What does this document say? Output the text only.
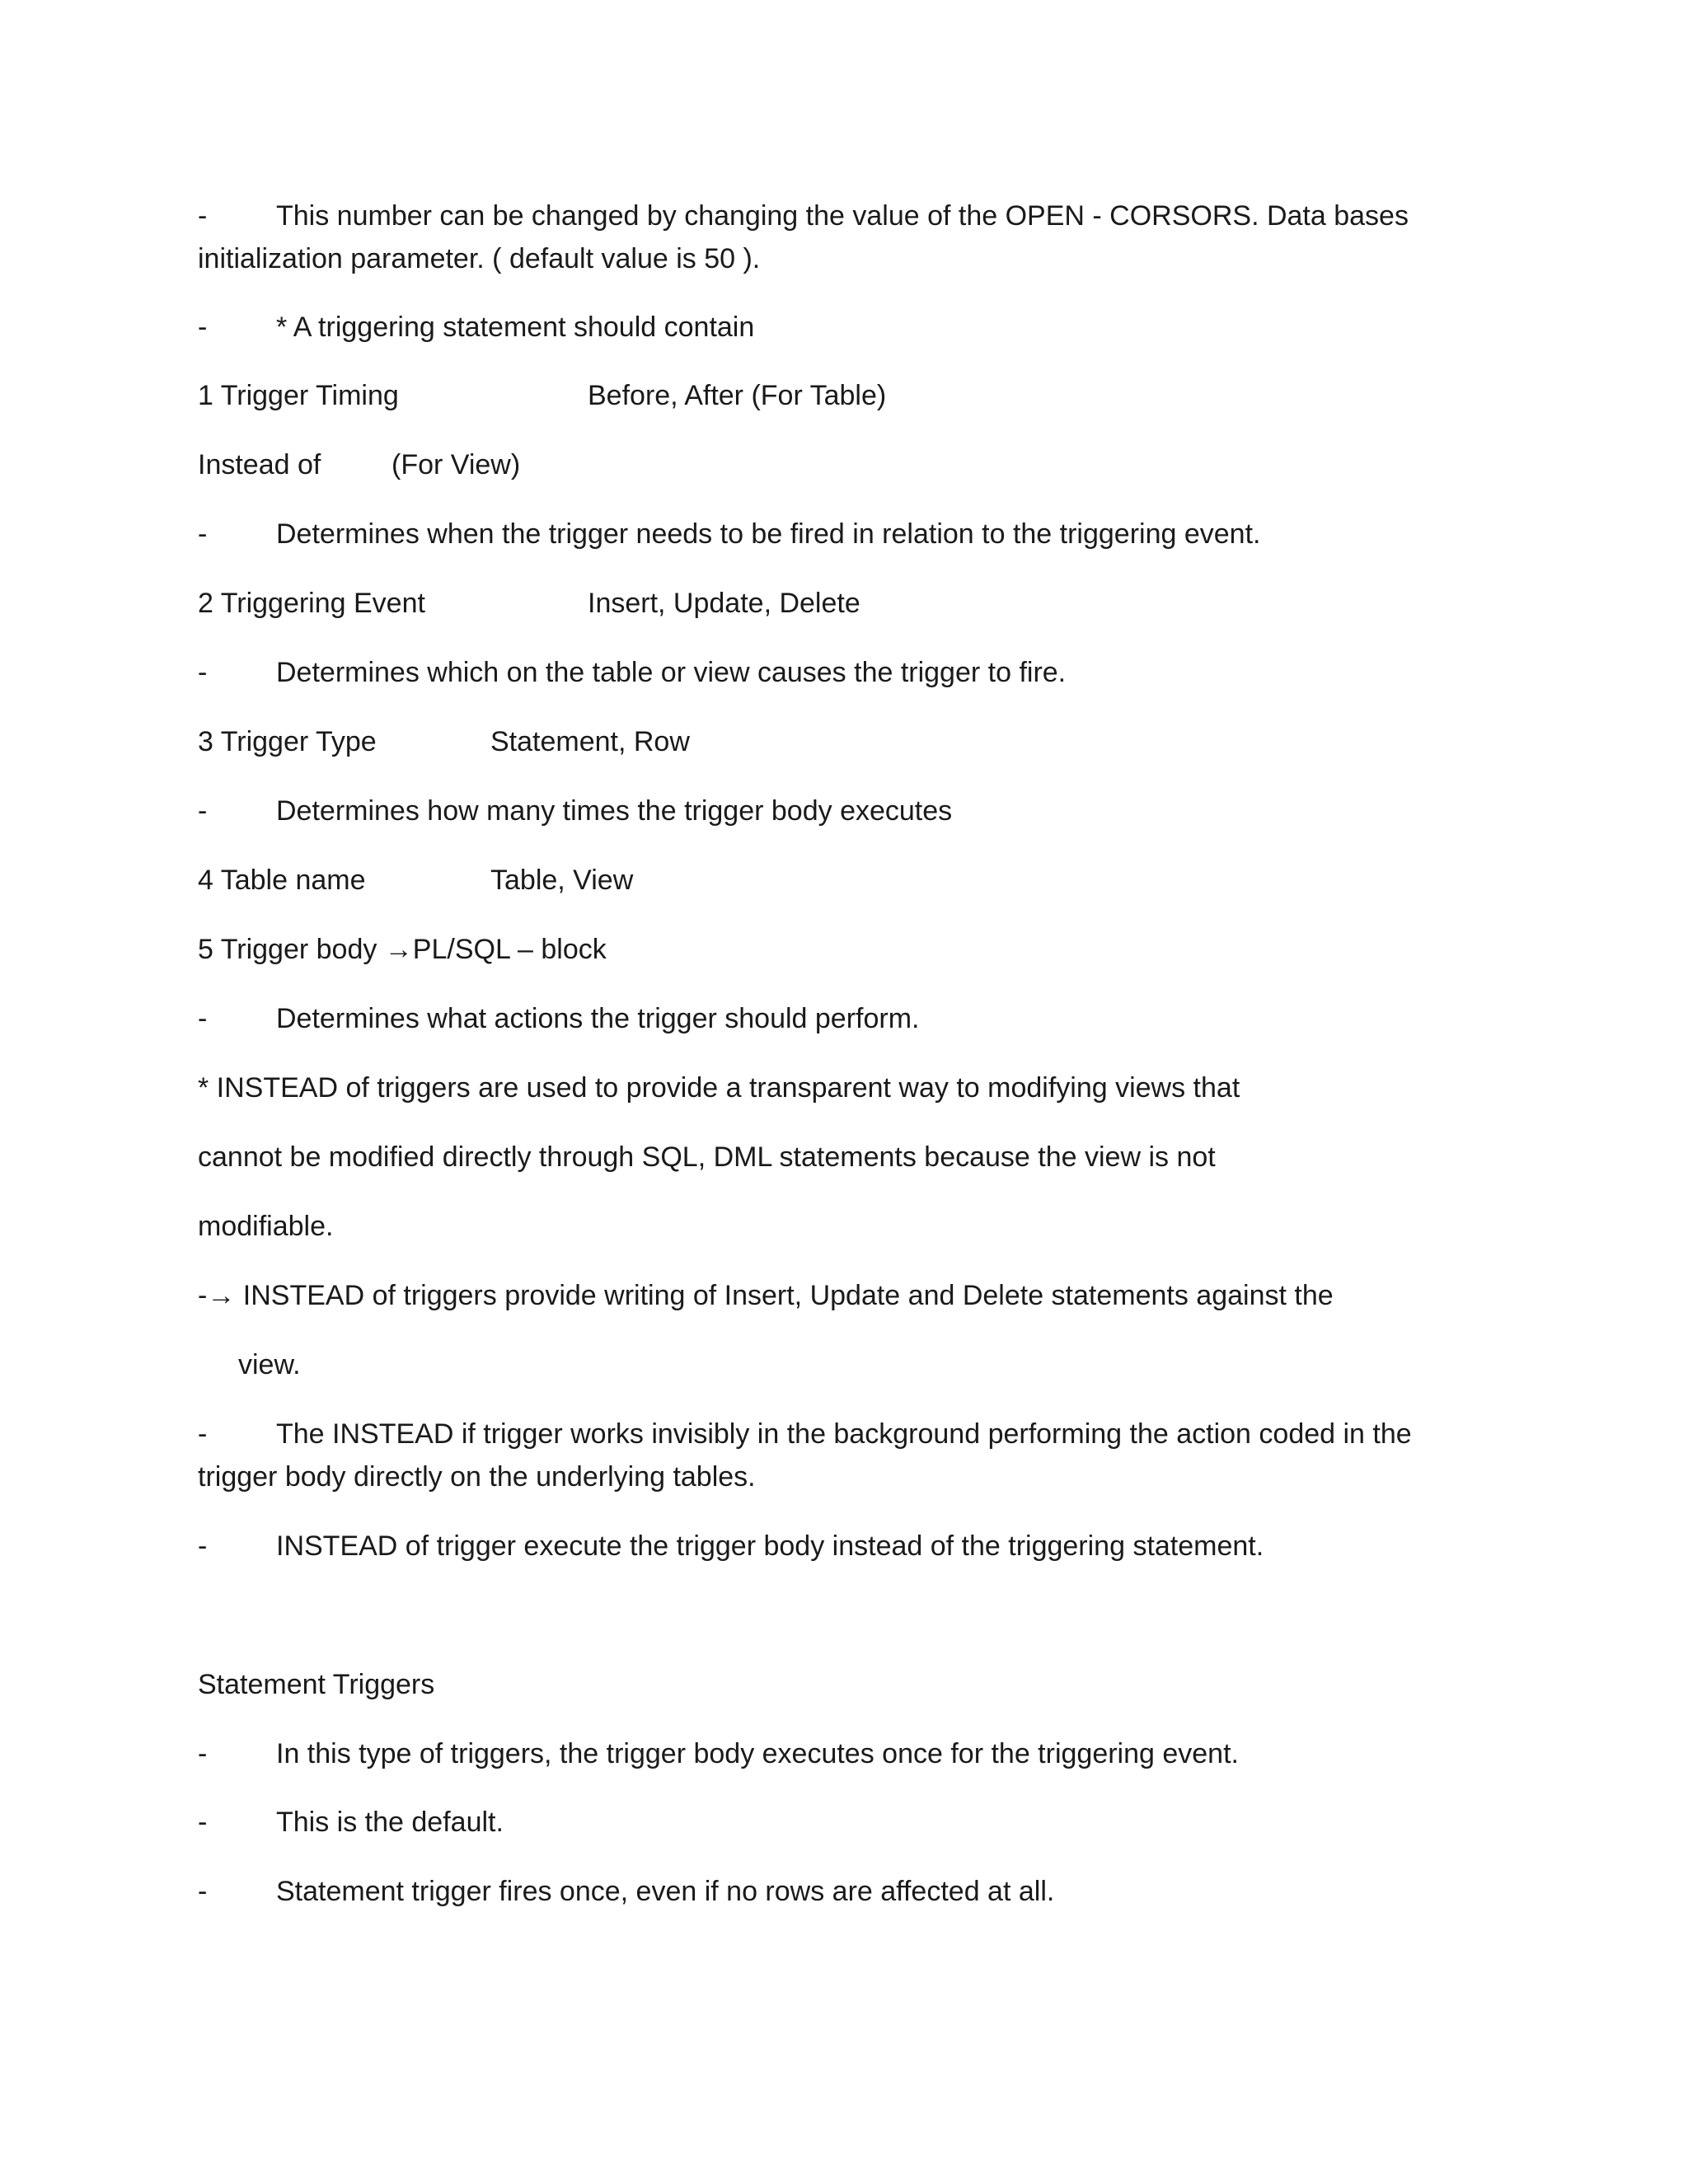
- This number can be changed by changing the value of the OPEN - CORSORS. Data bases
initialization parameter. ( default value is 50 ).
- * A triggering statement should contain
1 Trigger Timing	Before, After (For Table)
Instead of	(For View)
- Determines when the trigger needs to be fired in relation to the triggering event.
2 Triggering Event	Insert, Update, Delete
- Determines which on the table or view causes the trigger to fire.
3 Trigger Type	Statement, Row
- Determines how many times the trigger body executes
4 Table name	Table, View
5 Trigger body →PL/SQL – block
- Determines what actions the trigger should perform.
* INSTEAD of triggers are used to provide a transparent way to modifying views that
cannot be modified directly through SQL, DML statements because the view is not
modifiable.
-→ INSTEAD of triggers provide writing of Insert, Update and Delete statements against the
view.
- The INSTEAD if trigger works invisibly in the background performing the action coded in the
trigger body directly on the underlying tables.
- INSTEAD of trigger execute the trigger body instead of the triggering statement.
Statement Triggers
- In this type of triggers, the trigger body executes once for the triggering event.
- This is the default.
- Statement trigger fires once, even if no rows are affected at all.
